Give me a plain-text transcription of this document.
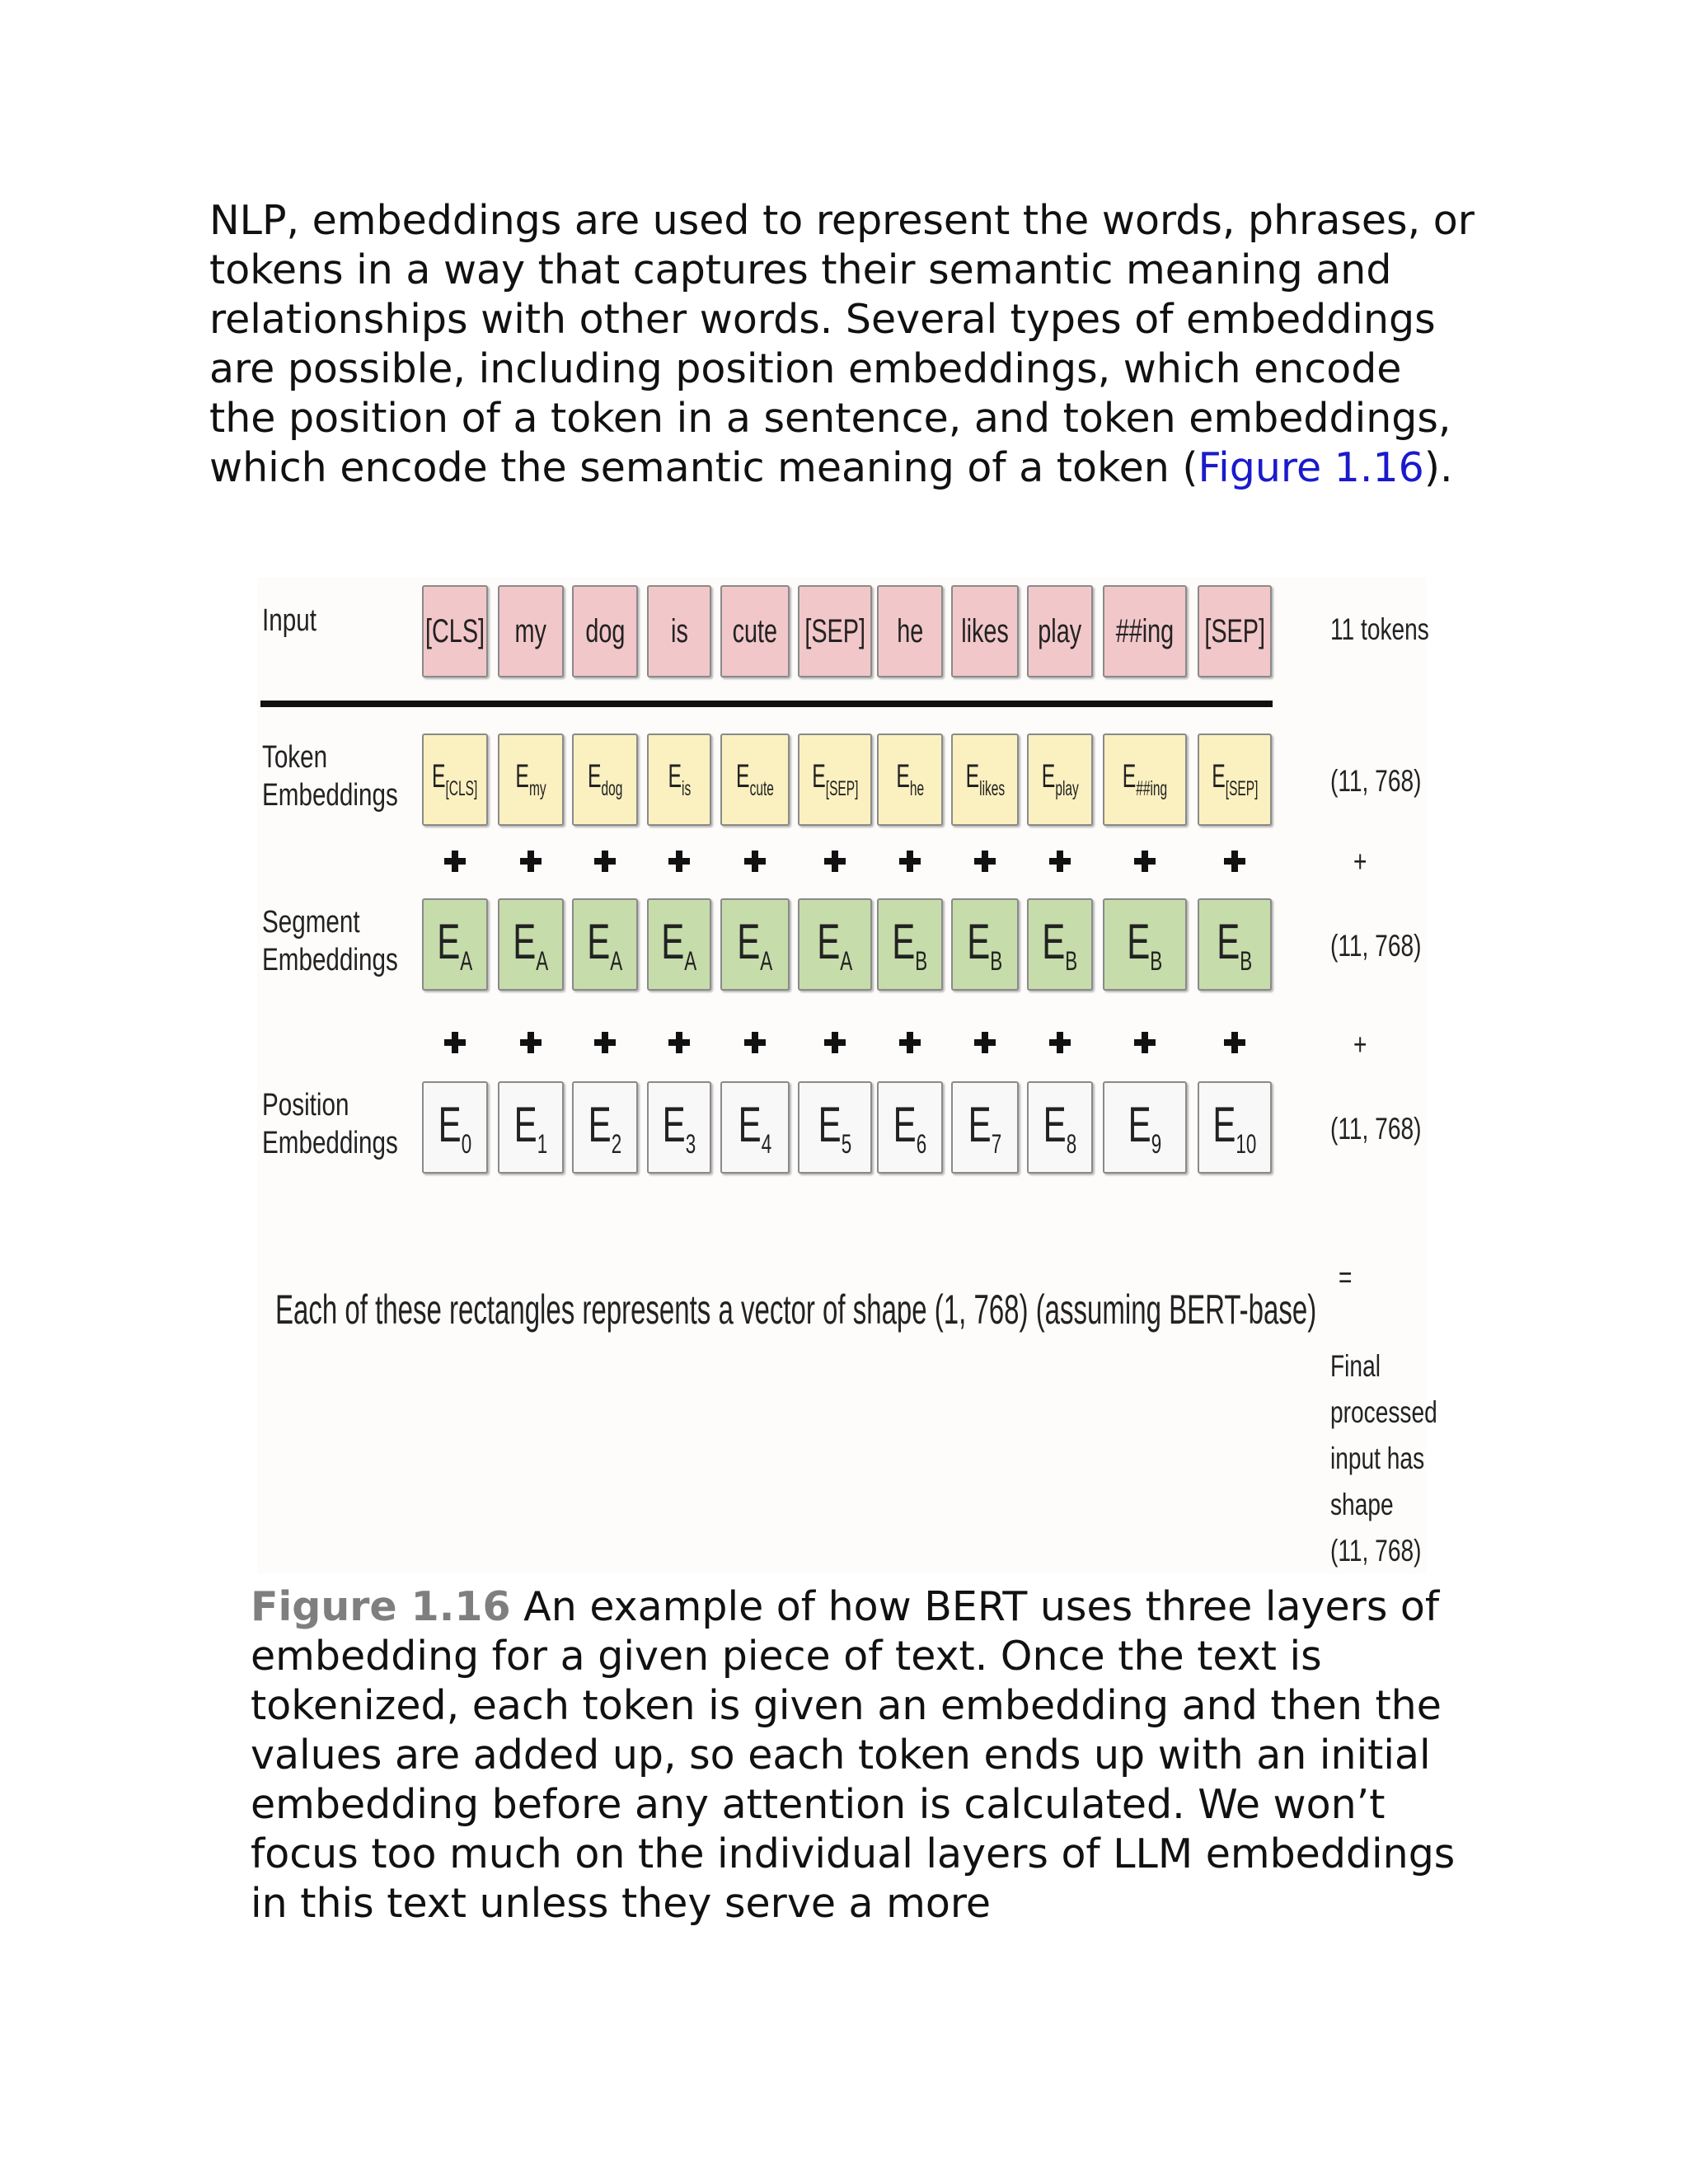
NLP, embeddings are used to represent the words, phrases, or tokens in a way that captures their semantic meaning and relationships with other words. Several types of embeddings are possible, including position embeddings, which encode the position of a token in a sentence, and token embeddings, which encode the semantic meaning of a token (Figure 1.16).

Input
Token
Embeddings
Segment
Embeddings
Position
Embeddings
[CLS]
$E_{[CLS]}$
$E_A$
$E_0$
my
$E_{my}$
$E_A$
$E_1$
dog
$E_{dog}$
$E_A$
$E_2$
is
$E_{is}$
$E_A$
$E_3$
cute
$E_{cute}$
$E_A$
$E_4$
[SEP]
$E_{[SEP]}$
$E_A$
$E_5$
he
$E_{he}$
$E_B$
$E_6$
likes
$E_{likes}$
$E_B$
$E_7$
play
$E_{play}$
$E_B$
$E_8$
##ing
$E_{\#\#ing}$
$E_B$
$E_9$
[SEP]
$E_{[SEP]}$
$E_B$
$E_{10}$
11 tokens
(11, 768)
+
(11, 768)
+
(11, 768)
=
Final
processed
input has
shape
(11, 768)
Each of these rectangles represents a vector of shape (1, 768) (assuming BERT-base)

Figure 1.16 An example of how BERT uses three layers of embedding for a given piece of text. Once the text is tokenized, each token is given an embedding and then the values are added up, so each token ends up with an initial embedding before any attention is calculated. We won’t focus too much on the individual layers of LLM embeddings in this text unless they serve a more
